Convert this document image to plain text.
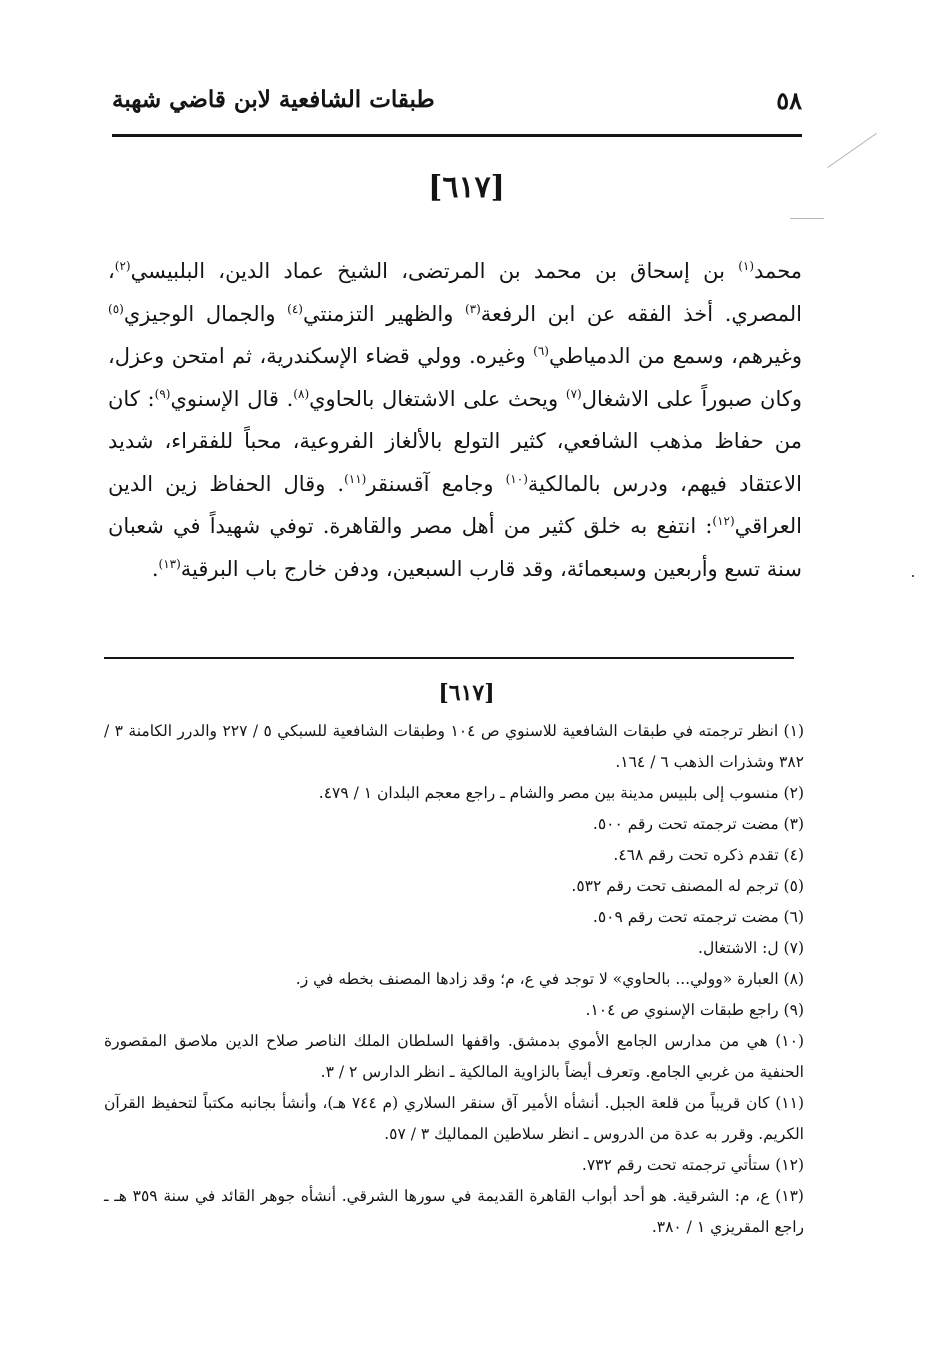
٥٨
طبقات الشافعية لابن قاضي شهبة
[٦١٧]
محمد$^{(١)}$ بن إسحاق بن محمد بن المرتضى، الشيخ عماد الدين، البلبيسي$^{(٢)}$، المصري. أخذ الفقه عن ابن الرفعة$^{(٣)}$ والظهير التزمنتي$^{(٤)}$ والجمال الوجيزي$^{(٥)}$ وغيرهم، وسمع من الدمياطي$^{(٦)}$ وغيره. وولي قضاء الإسكندرية، ثم امتحن وعزل، وكان صبوراً على الاشغال$^{(٧)}$ ويحث على الاشتغال بالحاوي$^{(٨)}$. قال الإسنوي$^{(٩)}$: كان من حفاظ مذهب الشافعي، كثير التولع بالألغاز الفروعية، محباً للفقراء، شديد الاعتقاد فيهم، ودرس بالمالكية$^{(١٠)}$ وجامع آقسنقر$^{(١١)}$. وقال الحفاظ زين الدين العراقي$^{(١٢)}$: انتفع به خلق كثير من أهل مصر والقاهرة. توفي شهيداً في شعبان سنة تسع وأربعين وسبعمائة، وقد قارب السبعين، ودفن خارج باب البرقية$^{(١٣)}$.
[٦١٧]

(١) انظر ترجمته في طبقات الشافعية للاسنوي ص ١٠٤ وطبقات الشافعية للسبكي ٥ / ٢٢٧ والدرر الكامنة ٣ / ٣٨٢ وشذرات الذهب ٦ / ١٦٤.

(٢) منسوب إلى بلبيس مدينة بين مصر والشام ـ راجع معجم البلدان ١ / ٤٧٩.

(٣) مضت ترجمته تحت رقم ٥٠٠.

(٤) تقدم ذكره تحت رقم ٤٦٨.

(٥) ترجم له المصنف تحت رقم ٥٣٢.

(٦) مضت ترجمته تحت رقم ٥٠٩.

(٧) ل: الاشتغال.

(٨) العبارة «وولي... بالحاوي» لا توجد في ع، م؛ وقد زادها المصنف بخطه في ز.

(٩) راجع طبقات الإسنوي ص ١٠٤.

(١٠) هي من مدارس الجامع الأموي بدمشق. واقفها السلطان الملك الناصر صلاح الدين ملاصق المقصورة الحنفية من غربي الجامع. وتعرف أيضاً بالزاوية المالكية ـ انظر الدارس ٢ / ٣.

(١١) كان قريباً من قلعة الجبل. أنشأه الأمير آق سنقر السلاري (م ٧٤٤ هـ)، وأنشأ بجانبه مكتباً لتحفيظ القرآن الكريم. وقرر به عدة من الدروس ـ انظر سلاطين المماليك ٣ / ٥٧.

(١٢) ستأتي ترجمته تحت رقم ٧٣٢.

(١٣) ع، م: الشرقية. هو أحد أبواب القاهرة القديمة في سورها الشرقي. أنشأه جوهر القائد في سنة ٣٥٩ هـ ـ راجع المقريزي ١ / ٣٨٠.
